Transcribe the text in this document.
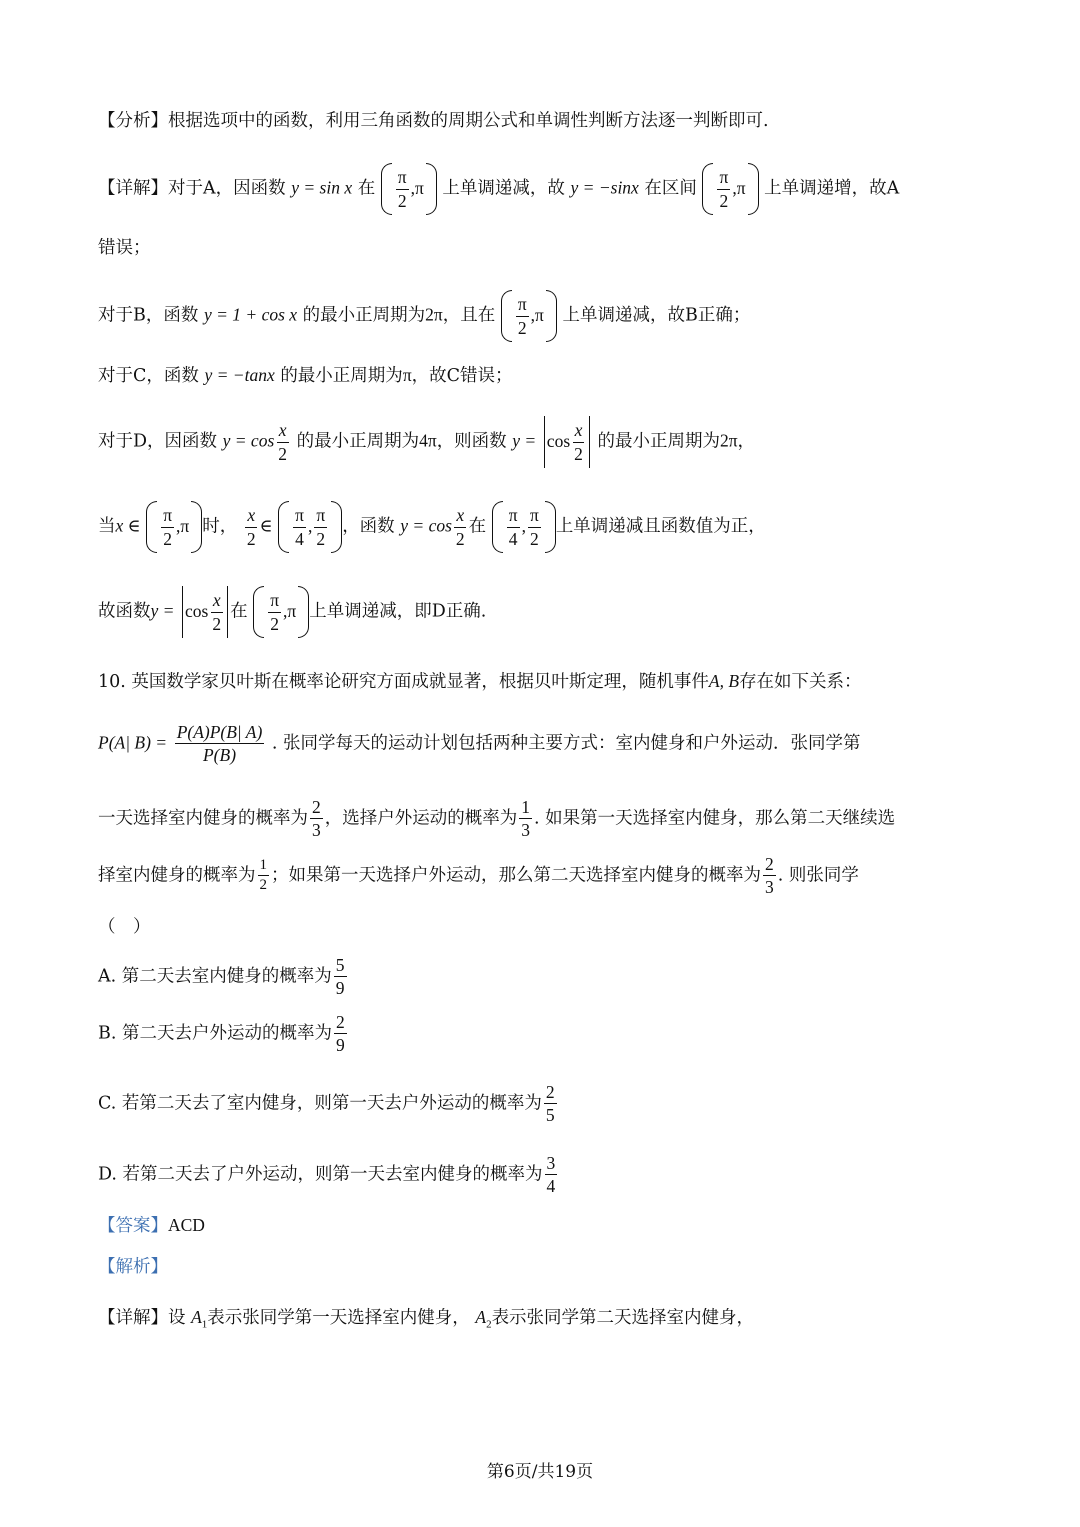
【分析】根据选项中的函数，利用三角函数的周期公式和单调性判断方法逐一判断即可.
【详解】对于A，因函数 y = sin x 在 $\frac{\pi}{2} ,\pi$ 上单调递减，故 y = −sinx 在区间 $\frac{\pi}{2} ,\pi$ 上单调递增，故A
错误；
对于B，函数 y = 1 + cos x 的最小正周期为2π，且在 $\frac{\pi}{2} ,\pi$ 上单调递减，故B正确；
对于C，函数 y = −tanx 的最小正周期为π，故C错误；
对于D，因函数 $y = \cos \frac{x}{2}$ 的最小正周期为4π，则函数 $y = \cos \frac{x}{2}$ 的最小正周期为2π，
当x ∈ $\frac{\pi}{2} ,\pi$ 时， $\frac{x}{2}$ ∈ $\frac{\pi}{4}$ , $\frac{\pi}{2}$ ，函数 $y = \cos \frac{x}{2}$ 在 $\frac{\pi}{4}$ , $\frac{\pi}{2}$ 上单调递减且函数值为正，
故函数$y = \cos \frac{x}{2}$ 在 $\frac{\pi}{2} ,\pi$ 上单调递减，即D正确.
10. 英国数学家贝叶斯在概率论研究方面成就显著，根据贝叶斯定理，随机事件A, B存在如下关系：
P(A| $B) = \frac{P(A)P(B| A)}{P(B)}$ . 张同学每天的运动计划包括两种主要方式：室内健身和户外运动．张同学第
一天选择室内健身的概率为 $\frac{2}{3}$ ，选择户外运动的概率为 $\frac{1}{3}$ . 如果第一天选择室内健身，那么第二天继续选
择室内健身的概率为 $\frac{1}{2}$ ；如果第一天选择户外运动，那么第二天选择室内健身的概率为 $\frac{2}{3}$ . 则张同学
（　）
A. 第二天去室内健身的概率为 $\frac{5}{9}$
B. 第二天去户外运动的概率为 $\frac{2}{9}$
C. 若第二天去了室内健身，则第一天去户外运动的概率为 $\frac{2}{5}$
D. 若第二天去了户外运动，则第一天去室内健身的概率为 $\frac{3}{4}$
【答案】ACD
【解析】
【详解】设 $A_1$表示张同学第一天选择室内健身， $A_2$表示张同学第二天选择室内健身，
第6页/共19页
